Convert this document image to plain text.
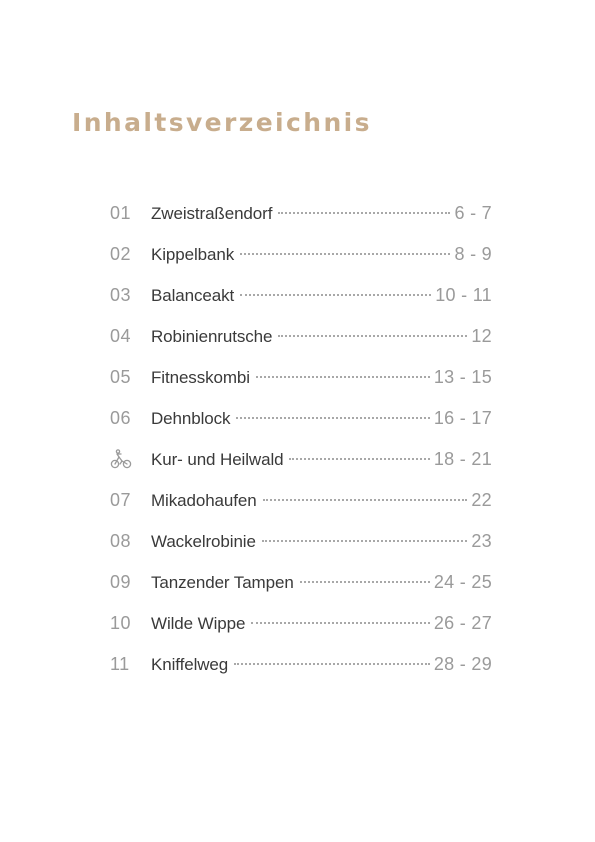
Inhaltsverzeichnis
01	Zweistraßendorf	6 - 7
02	Kippelbank	8 - 9
03	Balanceakt	10 - 11
04	Robinienrutsche	12
05	Fitnesskombi	13 - 15
06	Dehnblock	16 - 17
Kur- und Heilwald	18 - 21
07	Mikadohaufen	22
08	Wackelrobinie	23
09	Tanzender Tampen	24 - 25
10	Wilde Wippe	26 - 27
11	Kniffelweg	28 - 29
